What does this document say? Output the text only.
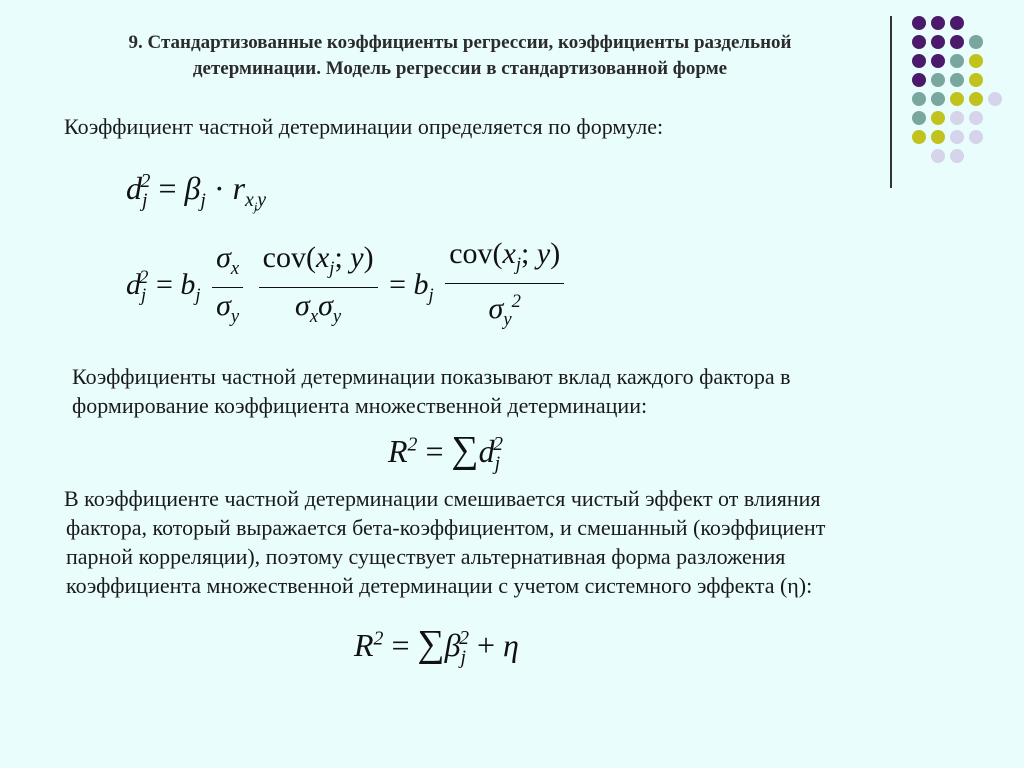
9. Стандартизованные коэффициенты регрессии, коэффициенты раздельной
детерминации. Модель регрессии в стандартизованной форме
Коэффициент частной детерминации определяется по формуле:
$d_j^2 = \beta_j \cdot r_{x_jy}$
$d_j^2 = b_j \frac{\sigma_x}{\sigma_y}$
$\frac{cov(x_j; y)}{\sigma_x\sigma_y} = b_j \frac{cov(x_j; y)}{\sigma_y^2}$
Коэффициенты частной детерминации показывают вклад каждого фактора в
формирование коэффициента множественной детерминации:
$R^2 = \sum d_j^2$
В коэффициенте частной детерминации смешивается чистый эффект от влияния
фактора, который выражается бета-коэффициентом, и смешанный (коэффициент
парной корреляции), поэтому существует альтернативная форма разложения
коэффициента множественной детерминации с учетом системного эффекта (η):
$R^2 = \sum\beta_j^2 + \eta$
